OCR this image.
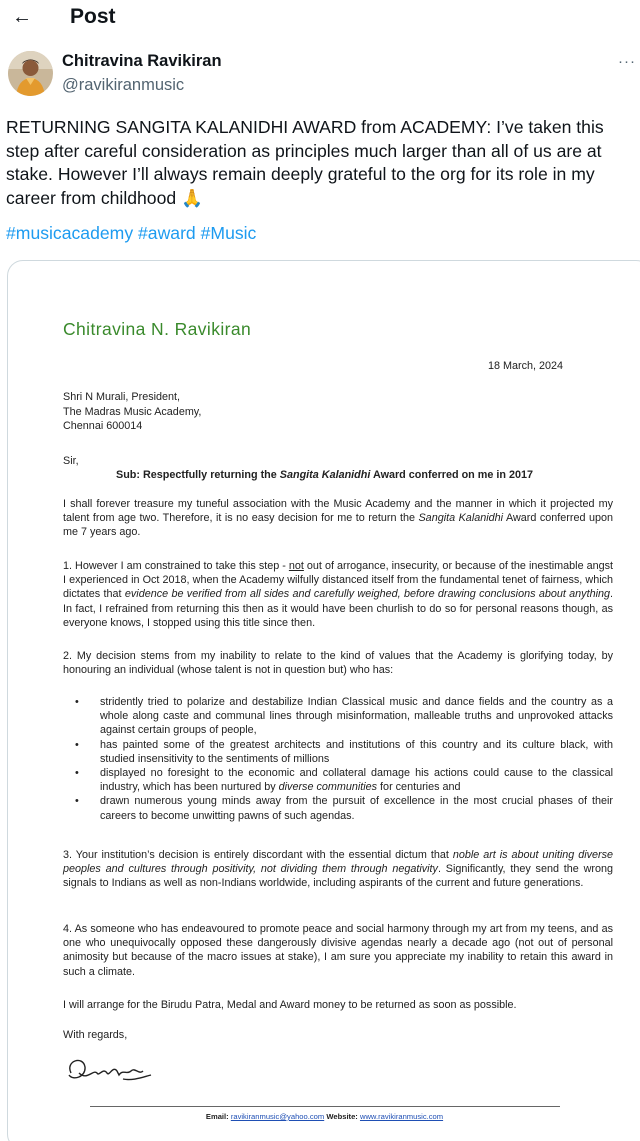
← Post
Chitravina Ravikiran
@ravikiranmusic
···
RETURNING SANGITA KALANIDHI AWARD from ACADEMY: I’ve taken this step after careful consideration as principles much larger than all of us are at stake. However I’ll always remain deeply grateful to the org for its role in my career from childhood 🙏
#musicacademy #award #Music
Chitravina N. Ravikiran
18 March, 2024
Shri N Murali, President,
The Madras Music Academy,
Chennai 600014
Sir,
Sub: Respectfully returning the Sangita Kalanidhi Award conferred on me in 2017
I shall forever treasure my tuneful association with the Music Academy and the manner in which it projected my talent from age two. Therefore, it is no easy decision for me to return the Sangita Kalanidhi Award conferred upon me 7 years ago.
1. However I am constrained to take this step - not out of arrogance, insecurity, or because of the inestimable angst I experienced in Oct 2018, when the Academy wilfully distanced itself from the fundamental tenet of fairness, which dictates that evidence be verified from all sides and carefully weighed, before drawing conclusions about anything. In fact, I refrained from returning this then as it would have been churlish to do so for personal reasons though, as everyone knows, I stopped using this title since then.
2. My decision stems from my inability to relate to the kind of values that the Academy is glorifying today, by honouring an individual (whose talent is not in question but) who has:
• stridently tried to polarize and destabilize Indian Classical music and dance fields and the country as a whole along caste and communal lines through misinformation, malleable truths and unprovoked attacks against certain groups of people,
• has painted some of the greatest architects and institutions of this country and its culture black, with studied insensitivity to the sentiments of millions
• displayed no foresight to the economic and collateral damage his actions could cause to the classical industry, which has been nurtured by diverse communities for centuries and
• drawn numerous young minds away from the pursuit of excellence in the most crucial phases of their careers to become unwitting pawns of such agendas.
3. Your institution’s decision is entirely discordant with the essential dictum that noble art is about uniting diverse peoples and cultures through positivity, not dividing them through negativity. Significantly, they send the wrong signals to Indians as well as non-Indians worldwide, including aspirants of the current and future generations.
4. As someone who has endeavoured to promote peace and social harmony through my art from my teens, and as one who unequivocally opposed these dangerously divisive agendas nearly a decade ago (not out of personal animosity but because of the macro issues at stake), I am sure you appreciate my inability to retain this award in such a climate.
I will arrange for the Birudu Patra, Medal and Award money to be returned as soon as possible.
With regards,
Email: ravikiranmusic@yahoo.com Website: www.ravikiranmusic.com
